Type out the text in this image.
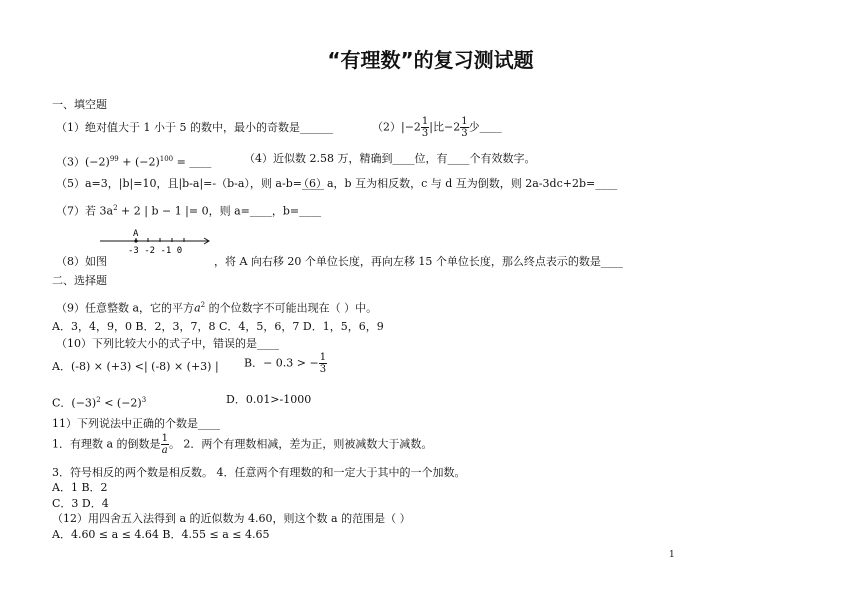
“有理数”的复习测试题
一、填空题
（1）绝对值大于 1 小于 5 的数中，最小的奇数是______	$(2)|-2 \frac{1}{3}$ |比$-2 \frac{1}{3}$ 少____
$(3)(-2)^{99} + (-2)^{100}$ = ____	（4）近似数 2.58 万，精确到____位，有____个有效数字。
（5）a=3，|b|=10，且|b-a|=-（b-a），则 a-b=____
（6）a，b 互为相反数，c 与 d 互为倒数，则 2a-3dc+2b=____
（7）若 $3a^2 + 2$ | b − 1 |= 0，则 a=____，b=____
A
-3 -2 -1 0
（8）如图	，将 A 向右移 20 个单位长度，再向左移 15 个单位长度，那么终点表示的数是____
二、选择题
（9）任意整数 a，它的平方$a^2$ 的个位数字不可能出现在（ ）中。
A．3，4，9，0 B．2，3，7，8 C．4，5，6，7 D．1，5，6，9
（10）下列比较大小的式子中，错误的是____
A．(-8) × (+3) <| (-8) × (+3) | B．− 0.3 > − $\frac{1}{3}$
C．$(-3)^2 < (-2)^3$	D．0.01>-1000
11）下列说法中正确的个数是____
1．有理数 a 的倒数是 $\frac{1}{a}$ 。 2．两个有理数相减，差为正，则被减数大于减数。
3．符号相反的两个数是相反数。 4．任意两个有理数的和一定大于其中的一个加数。
A．1 B．2
C．3 D．4
（12）用四舍五入法得到 a 的近似数为 4.60，则这个数 a 的范围是（ ）
A．4.60 ≤ a ≤ 4.64 B．4.55 ≤ a ≤ 4.65
1
